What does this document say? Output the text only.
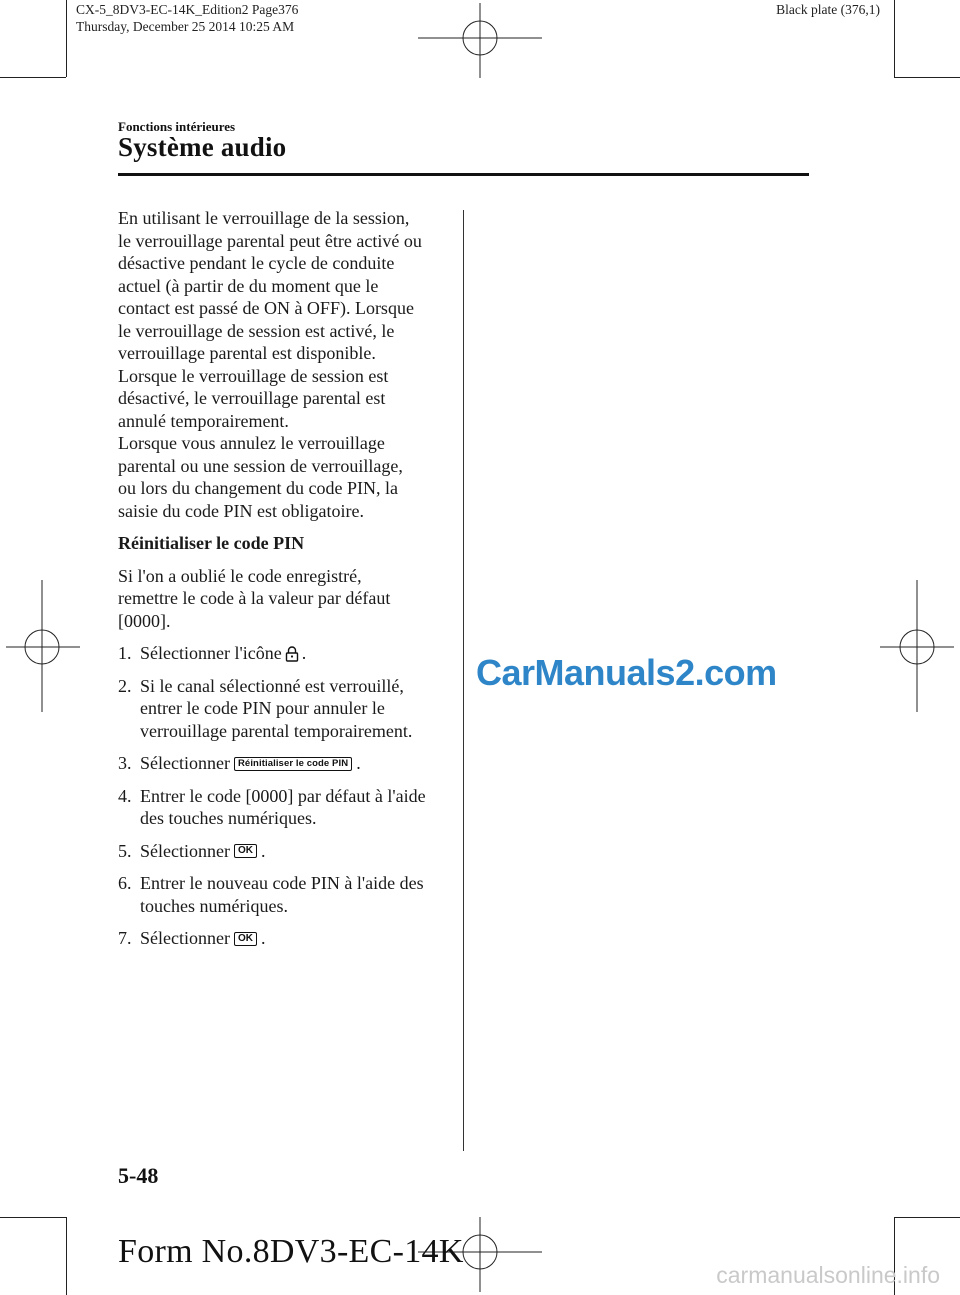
CX-5_8DV3-EC-14K_Edition2 Page376
Thursday, December 25 2014 10:25 AM
Black plate (376,1)
Fonctions intérieures
Système audio

En utilisant le verrouillage de la session,
le verrouillage parental peut être activé ou
désactive pendant le cycle de conduite
actuel (à partir de du moment que le
contact est passé de ON à OFF). Lorsque
le verrouillage de session est activé, le
verrouillage parental est disponible.
Lorsque le verrouillage de session est
désactivé, le verrouillage parental est
annulé temporairement.
Lorsque vous annulez le verrouillage
parental ou une session de verrouillage,
ou lors du changement du code PIN, la
saisie du code PIN est obligatoire.

Réinitialiser le code PIN

Si l'on a oublié le code enregistré,
remettre le code à la valeur par défaut
[0000].

1. Sélectionner l'icône .
2. Si le canal sélectionné est verrouillé,
entrer le code PIN pour annuler le
verrouillage parental temporairement.
3. Sélectionner Réinitialiser le code PIN .
4. Entrer le code [0000] par défaut à l'aide
des touches numériques.
5. Sélectionner OK .
6. Entrer le nouveau code PIN à l'aide des
touches numériques.
7. Sélectionner OK .
CarManuals2.com
5-48
Form No.8DV3-EC-14K
carmanualsonline.info
